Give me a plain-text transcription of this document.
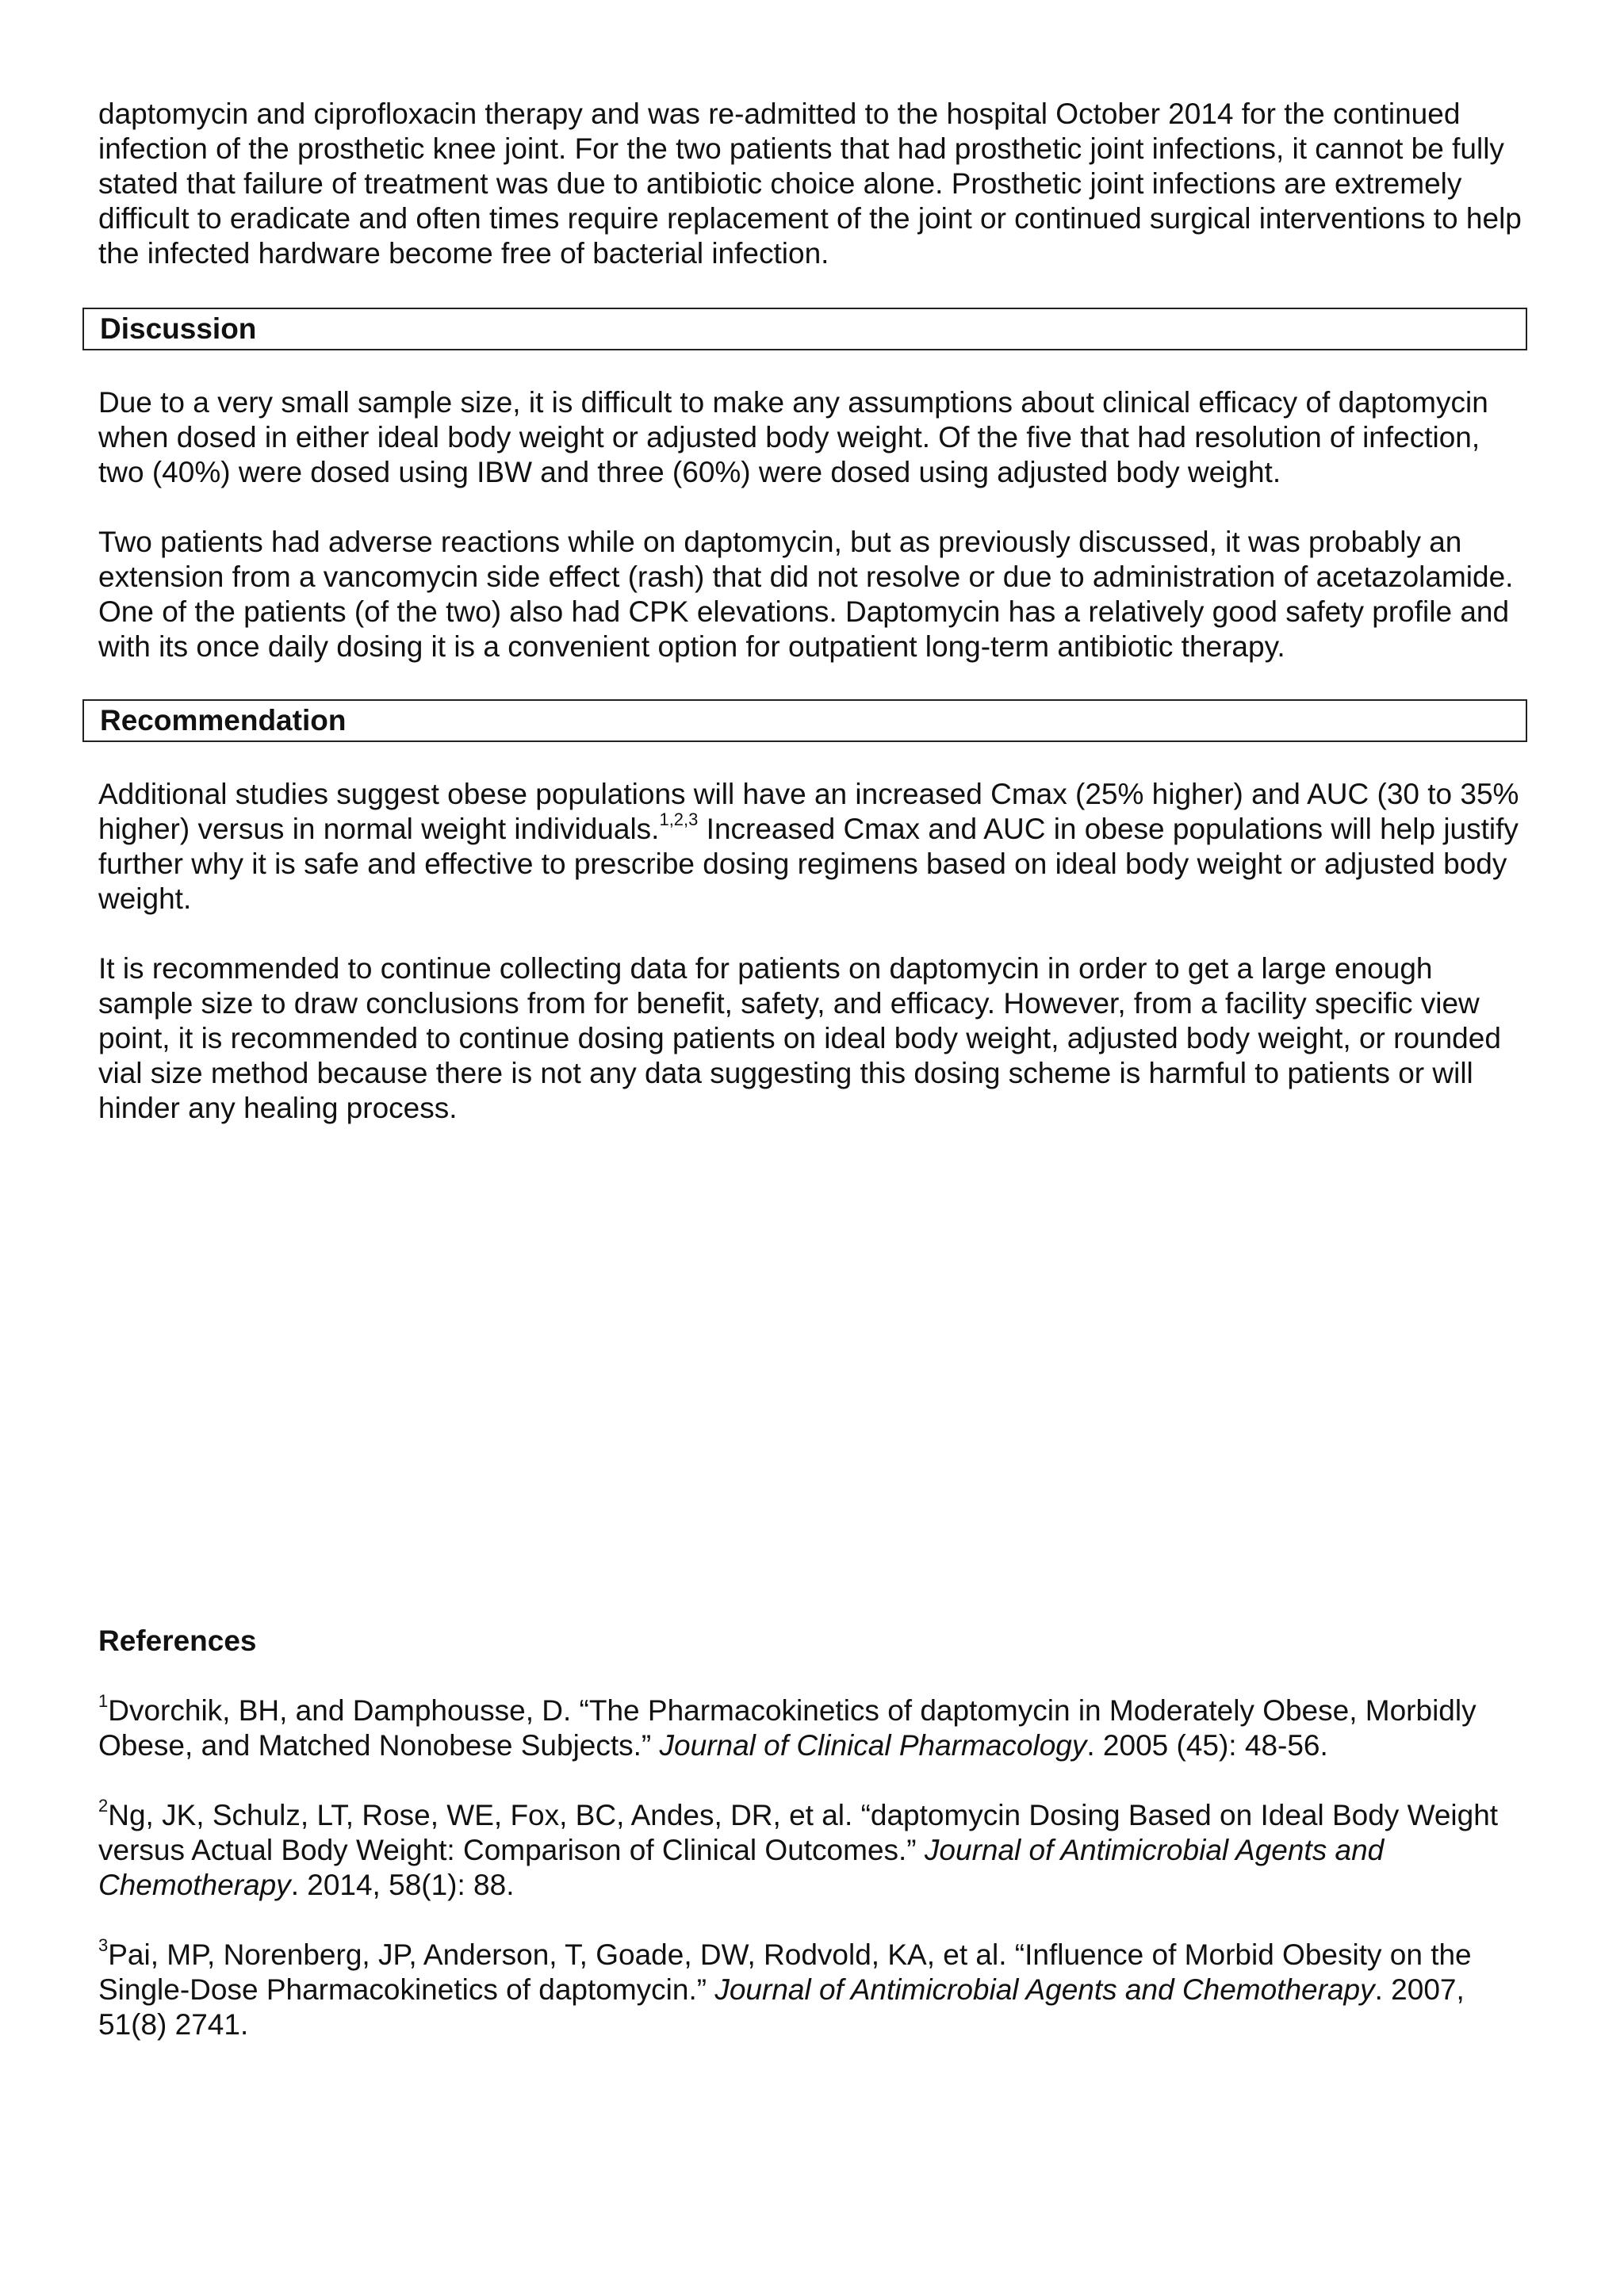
daptomycin and ciprofloxacin therapy and was re-admitted to the hospital October 2014 for the continued infection of the prosthetic knee joint. For the two patients that had prosthetic joint infections, it cannot be fully stated that failure of treatment was due to antibiotic choice alone. Prosthetic joint infections are extremely difficult to eradicate and often times require replacement of the joint or continued surgical interventions to help the infected hardware become free of bacterial infection.

Discussion

Due to a very small sample size, it is difficult to make any assumptions about clinical efficacy of daptomycin when dosed in either ideal body weight or adjusted body weight. Of the five that had resolution of infection, two (40%) were dosed using IBW and three (60%) were dosed using adjusted body weight.

Two patients had adverse reactions while on daptomycin, but as previously discussed, it was probably an extension from a vancomycin side effect (rash) that did not resolve or due to administration of acetazolamide. One of the patients (of the two) also had CPK elevations. Daptomycin has a relatively good safety profile and with its once daily dosing it is a convenient option for outpatient long-term antibiotic therapy.

Recommendation

Additional studies suggest obese populations will have an increased Cmax (25% higher) and AUC (30 to 35% higher) versus in normal weight individuals.$^{1,2,3}$ Increased Cmax and AUC in obese populations will help justify further why it is safe and effective to prescribe dosing regimens based on ideal body weight or adjusted body weight.

It is recommended to continue collecting data for patients on daptomycin in order to get a large enough sample size to draw conclusions from for benefit, safety, and efficacy. However, from a facility specific view point, it is recommended to continue dosing patients on ideal body weight, adjusted body weight, or rounded vial size method because there is not any data suggesting this dosing scheme is harmful to patients or will hinder any healing process.

References

$^1$Dvorchik, BH, and Damphousse, D. “The Pharmacokinetics of daptomycin in Moderately Obese, Morbidly Obese, and Matched Nonobese Subjects.” Journal of Clinical Pharmacology. 2005 (45): 48-56.

$^2$Ng, JK, Schulz, LT, Rose, WE, Fox, BC, Andes, DR, et al. “daptomycin Dosing Based on Ideal Body Weight versus Actual Body Weight: Comparison of Clinical Outcomes.” Journal of Antimicrobial Agents and Chemotherapy. 2014, 58(1): 88.

$^3$Pai, MP, Norenberg, JP, Anderson, T, Goade, DW, Rodvold, KA, et al. “Influence of Morbid Obesity on the Single-Dose Pharmacokinetics of daptomycin.” Journal of Antimicrobial Agents and Chemotherapy. 2007, 51(8) 2741.
